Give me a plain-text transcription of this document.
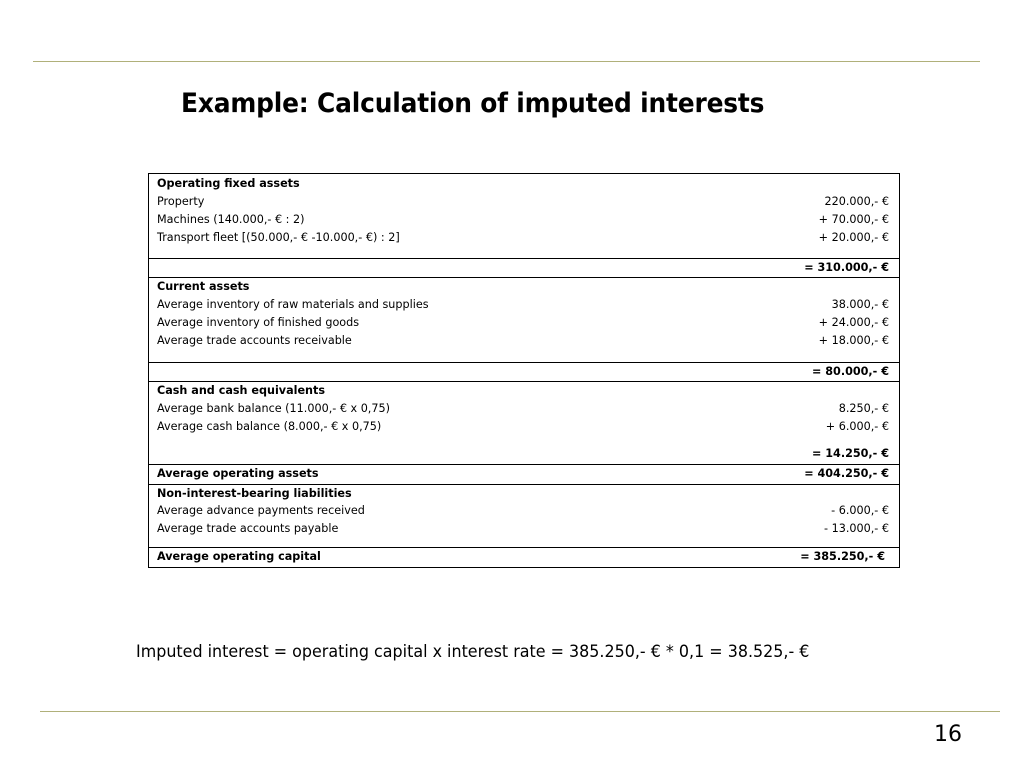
Example: Calculation of imputed interests
Operating fixed assets
Property	220.000,- €
Machines (140.000,- € : 2)	+ 70.000,- €
Transport fleet [(50.000,- € -10.000,- €) : 2]	+ 20.000,- €
= 310.000,- €
Current assets
Average inventory of raw materials and supplies	38.000,- €
Average inventory of finished goods	+ 24.000,- €
Average trade accounts receivable	+ 18.000,- €
= 80.000,- €
Cash and cash equivalents
Average bank balance (11.000,- € x 0,75)	8.250,- €
Average cash balance (8.000,- € x 0,75)	+ 6.000,- €
= 14.250,- €
Average operating assets	= 404.250,- €
Non-interest-bearing liabilities
Average advance payments received	- 6.000,- €
Average trade accounts payable	- 13.000,- €
Average operating capital	= 385.250,- €
Imputed interest = operating capital x interest rate = 385.250,- € * 0,1 = 38.525,- €
16
